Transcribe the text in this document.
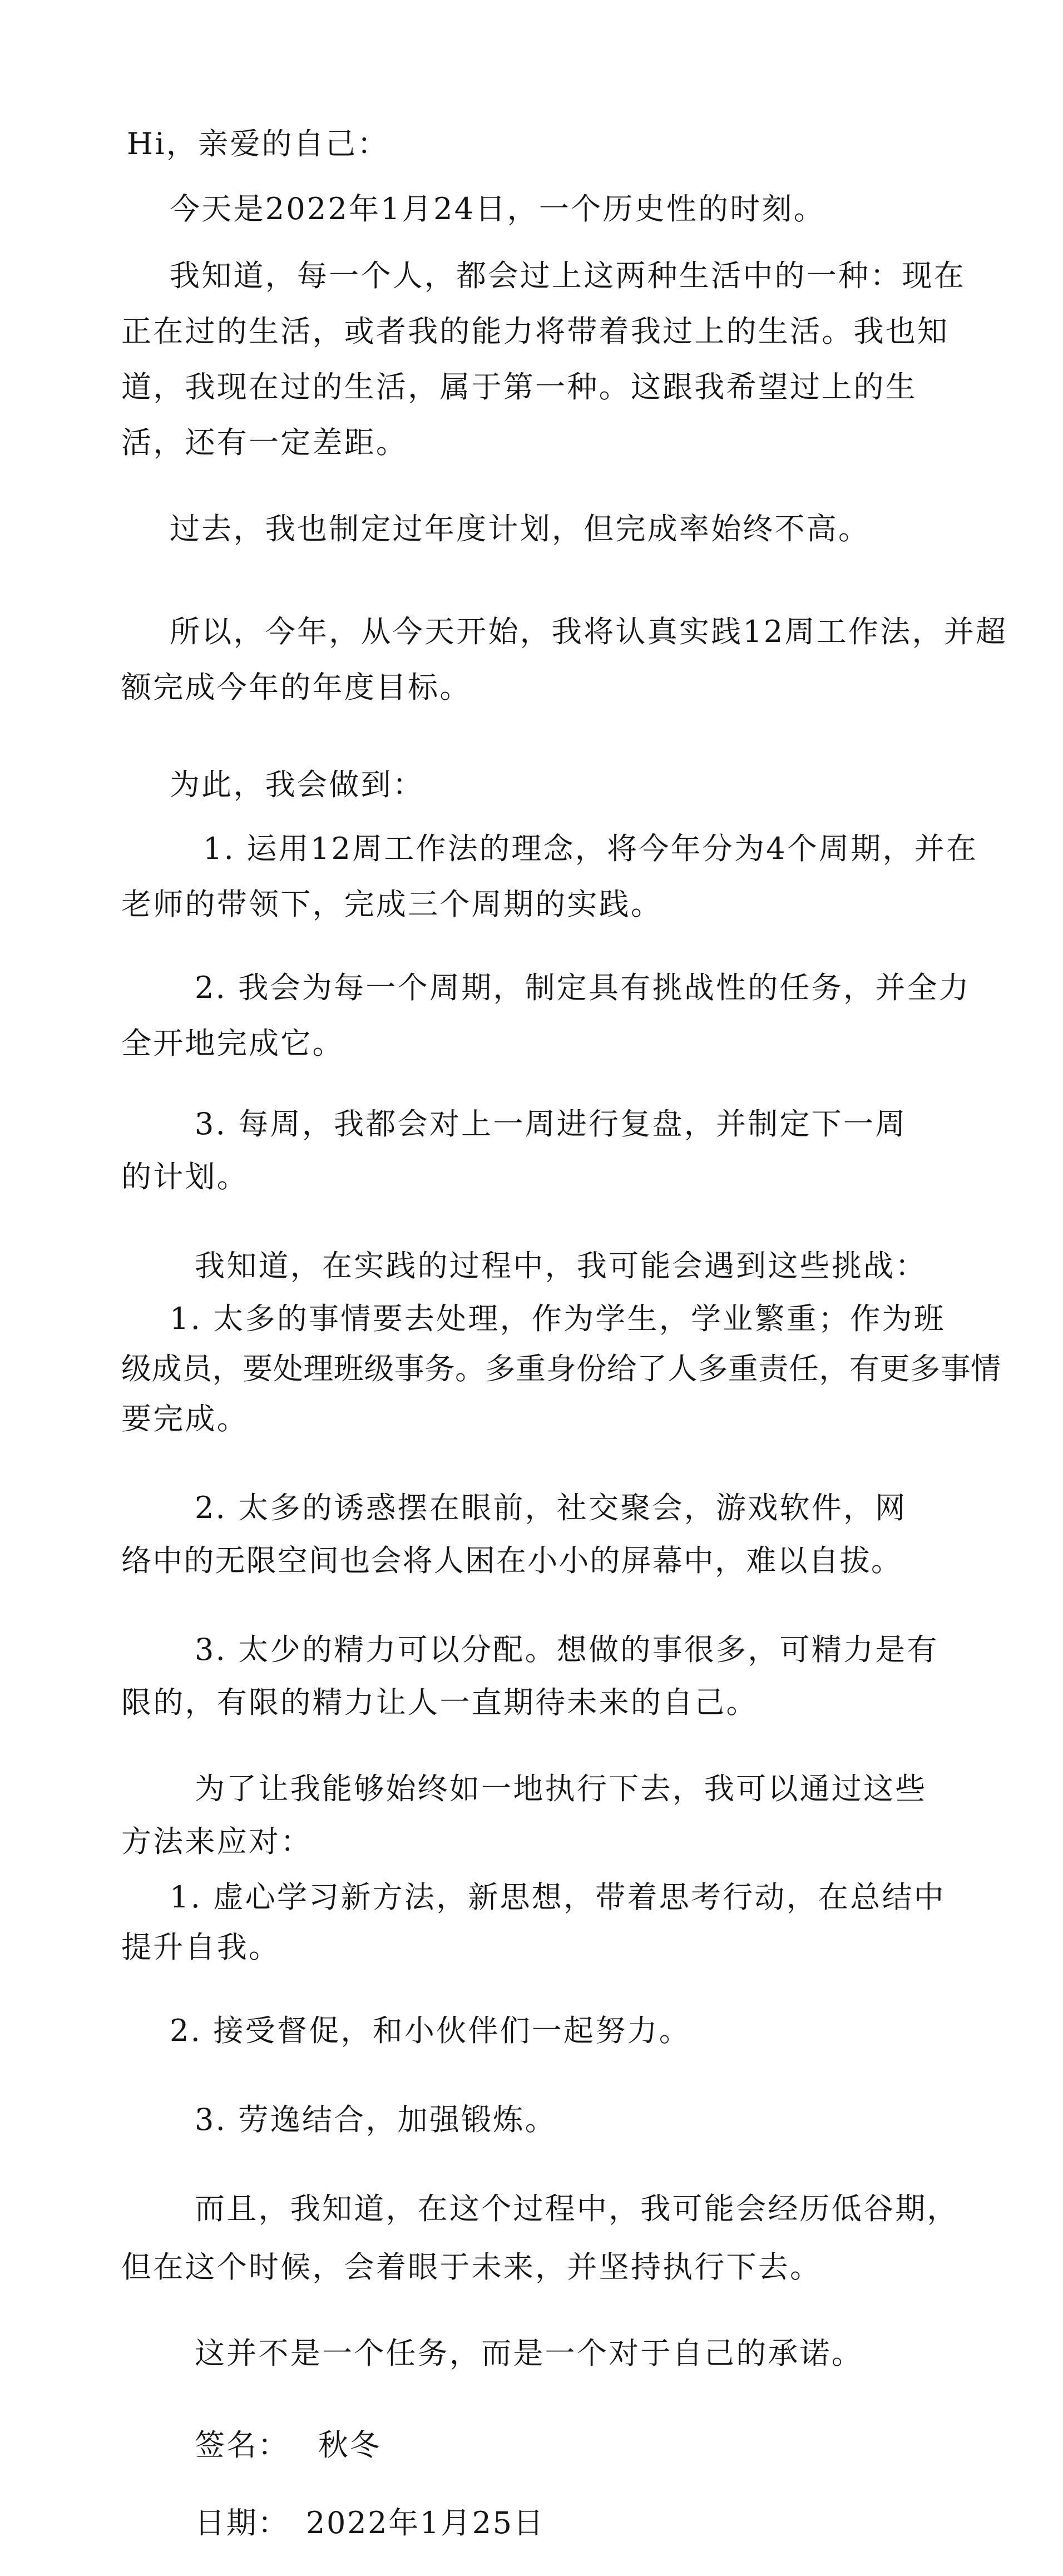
Hi，亲爱的自己：
今天是2022年1月24日，一个历史性的时刻。
我知道，每一个人，都会过上这两种生活中的一种：现在
正在过的生活，或者我的能力将带着我过上的生活。我也知
道，我现在过的生活，属于第一种。这跟我希望过上的生
活，还有一定差距。
过去，我也制定过年度计划，但完成率始终不高。
所以，今年，从今天开始，我将认真实践12周工作法，并超
额完成今年的年度目标。
为此，我会做到：
1. 运用12周工作法的理念，将今年分为4个周期，并在
老师的带领下，完成三个周期的实践。
2. 我会为每一个周期，制定具有挑战性的任务，并全力
全开地完成它。
3. 每周，我都会对上一周进行复盘，并制定下一周
的计划。
我知道，在实践的过程中，我可能会遇到这些挑战：
1. 太多的事情要去处理，作为学生，学业繁重；作为班
级成员，要处理班级事务。多重身份给了人多重责任，有更多事情
要完成。
2. 太多的诱惑摆在眼前，社交聚会，游戏软件，网
络中的无限空间也会将人困在小小的屏幕中，难以自拔。
3. 太少的精力可以分配。想做的事很多，可精力是有
限的，有限的精力让人一直期待未来的自己。
为了让我能够始终如一地执行下去，我可以通过这些
方法来应对：
1. 虚心学习新方法，新思想，带着思考行动，在总结中
提升自我。
2. 接受督促，和小伙伴们一起努力。
3. 劳逸结合，加强锻炼。
而且，我知道，在这个过程中，我可能会经历低谷期，
但在这个时候，会着眼于未来，并坚持执行下去。
这并不是一个任务，而是一个对于自己的承诺。
签名： 秋冬
日期： 2022年1月25日
